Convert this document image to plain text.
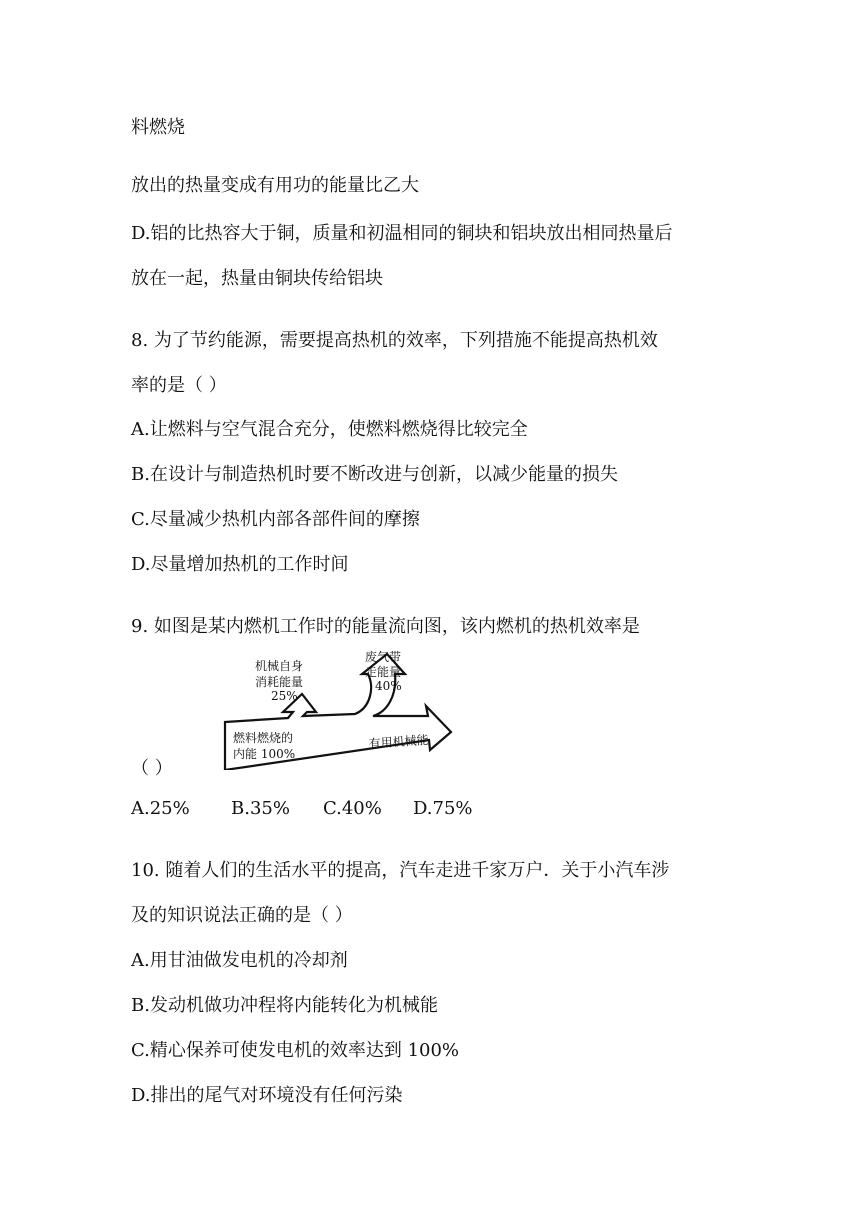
料燃烧
放出的热量变成有用功的能量比乙大
D.铝的比热容大于铜，质量和初温相同的铜块和铝块放出相同热量后
放在一起，热量由铜块传给铝块
8. 为了节约能源，需要提高热机的效率，下列措施不能提高热机效
率的是（ ）
A.让燃料与空气混合充分，使燃料燃烧得比较完全
B.在设计与制造热机时要不断改进与创新，以减少能量的损失
C.尽量减少热机内部各部件间的摩擦
D.尽量增加热机的工作时间
9. 如图是某内燃机工作时的能量流向图，该内燃机的热机效率是
机械自身
消耗能量
25%
废气带
走能量
40%
燃料燃烧的
内能 100%
有用机械能
（ ）
A.25% B.35% C.40% D.75%
10. 随着人们的生活水平的提高，汽车走进千家万户．关于小汽车涉
及的知识说法正确的是（ ）
A.用甘油做发电机的冷却剂
B.发动机做功冲程将内能转化为机械能
C.精心保养可使发电机的效率达到 100%
D.排出的尾气对环境没有任何污染
